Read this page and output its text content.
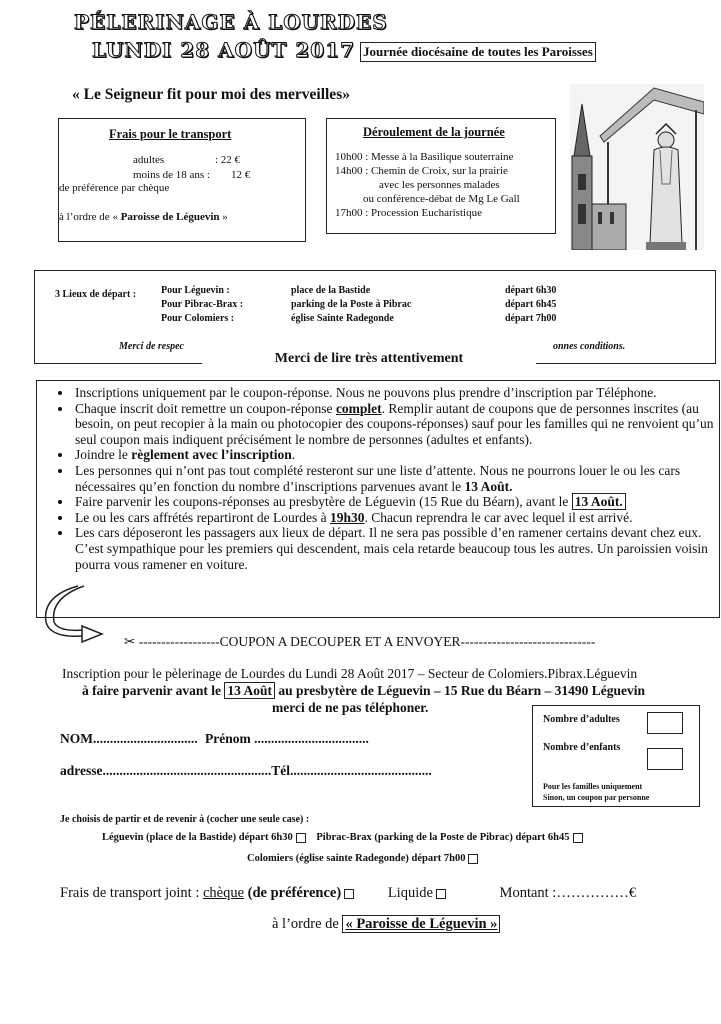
PÉLERINAGE À LOURDES
LUNDI 28 AOÛT 2017 Journée diocésaine de toutes les Paroisses
« Le Seigneur fit pour moi des merveilles»
Frais pour le transport
adultes	: 22 €
moins de 18 ans : 12 €
de préférence par chèque
à l’ordre de « Paroisse de Léguevin »
Déroulement de la journée
10h00 : Messe à la Basilique souterraine
14h00 : Chemin de Croix, sur la prairie
avec les personnes malades
ou conférence-débat de Mg Le Gall
17h00 : Procession Eucharistique
3 Lieux de départ : Pour Léguevin :	place de la Bastide	départ 6h30
Pour Pibrac-Brax :	parking de la Poste à Pibrac	départ 6h45
Pour Colomiers :	église Sainte Radegonde	départ 7h00
Merci de respec	onnes conditions.
Merci de lire très attentivement
• Inscriptions uniquement par le coupon-réponse. Nous ne pouvons plus prendre d’inscription par Téléphone.
• Chaque inscrit doit remettre un coupon-réponse complet. Remplir autant de coupons que de personnes inscrites (au besoin, on peut recopier à la main ou photocopier des coupons-réponses) sauf pour les familles qui ne renvoient qu’un seul coupon mais indiquent précisément le nombre de personnes (adultes et enfants).
• Joindre le règlement avec l’inscription.
• Les personnes qui n’ont pas tout complété resteront sur une liste d’attente. Nous ne pourrons louer le ou les cars nécessaires qu’en fonction du nombre d’inscriptions parvenues avant le 13 Août.
• Faire parvenir les coupons-réponses au presbytère de Léguevin (15 Rue du Béarn), avant le 13 Août.
• Le ou les cars affrétés repartiront de Lourdes à 19h30. Chacun reprendra le car avec lequel il est arrivé.
• Les cars déposeront les passagers aux lieux de départ. Il ne sera pas possible d’en ramener certains devant chez eux. C’est sympathique pour les premiers qui descendent, mais cela retarde beaucoup tous les autres. Un paroissien voisin pourra vous ramener en voiture.
✂ ------------------COUPON A DECOUPER ET A ENVOYER------------------------------
Inscription pour le pèlerinage de Lourdes du Lundi 28 Août 2017 – Secteur de Colomiers.Pibrax.Léguevin
à faire parvenir avant le 13 Août au presbytère de Léguevin – 15 Rue du Béarn – 31490 Léguevin
merci de ne pas téléphoner.
Nombre d’adultes
Nombre d’enfants
Pour les familles uniquement
Sinon, un coupon par personne
NOM............................... Prénom ..................................
adresse..................................................Tél..........................................
Je choisis de partir et de revenir à (cocher une seule case) :
Léguevin (place de la Bastide) départ 6h30 Pibrac-Brax (parking de la Poste de Pibrac) départ 6h45
Colomiers (église sainte Radegonde) départ 7h00
Frais de transport joint : chèque (de préférence)	Liquide	Montant :……………€
à l’ordre de « Paroisse de Léguevin »
